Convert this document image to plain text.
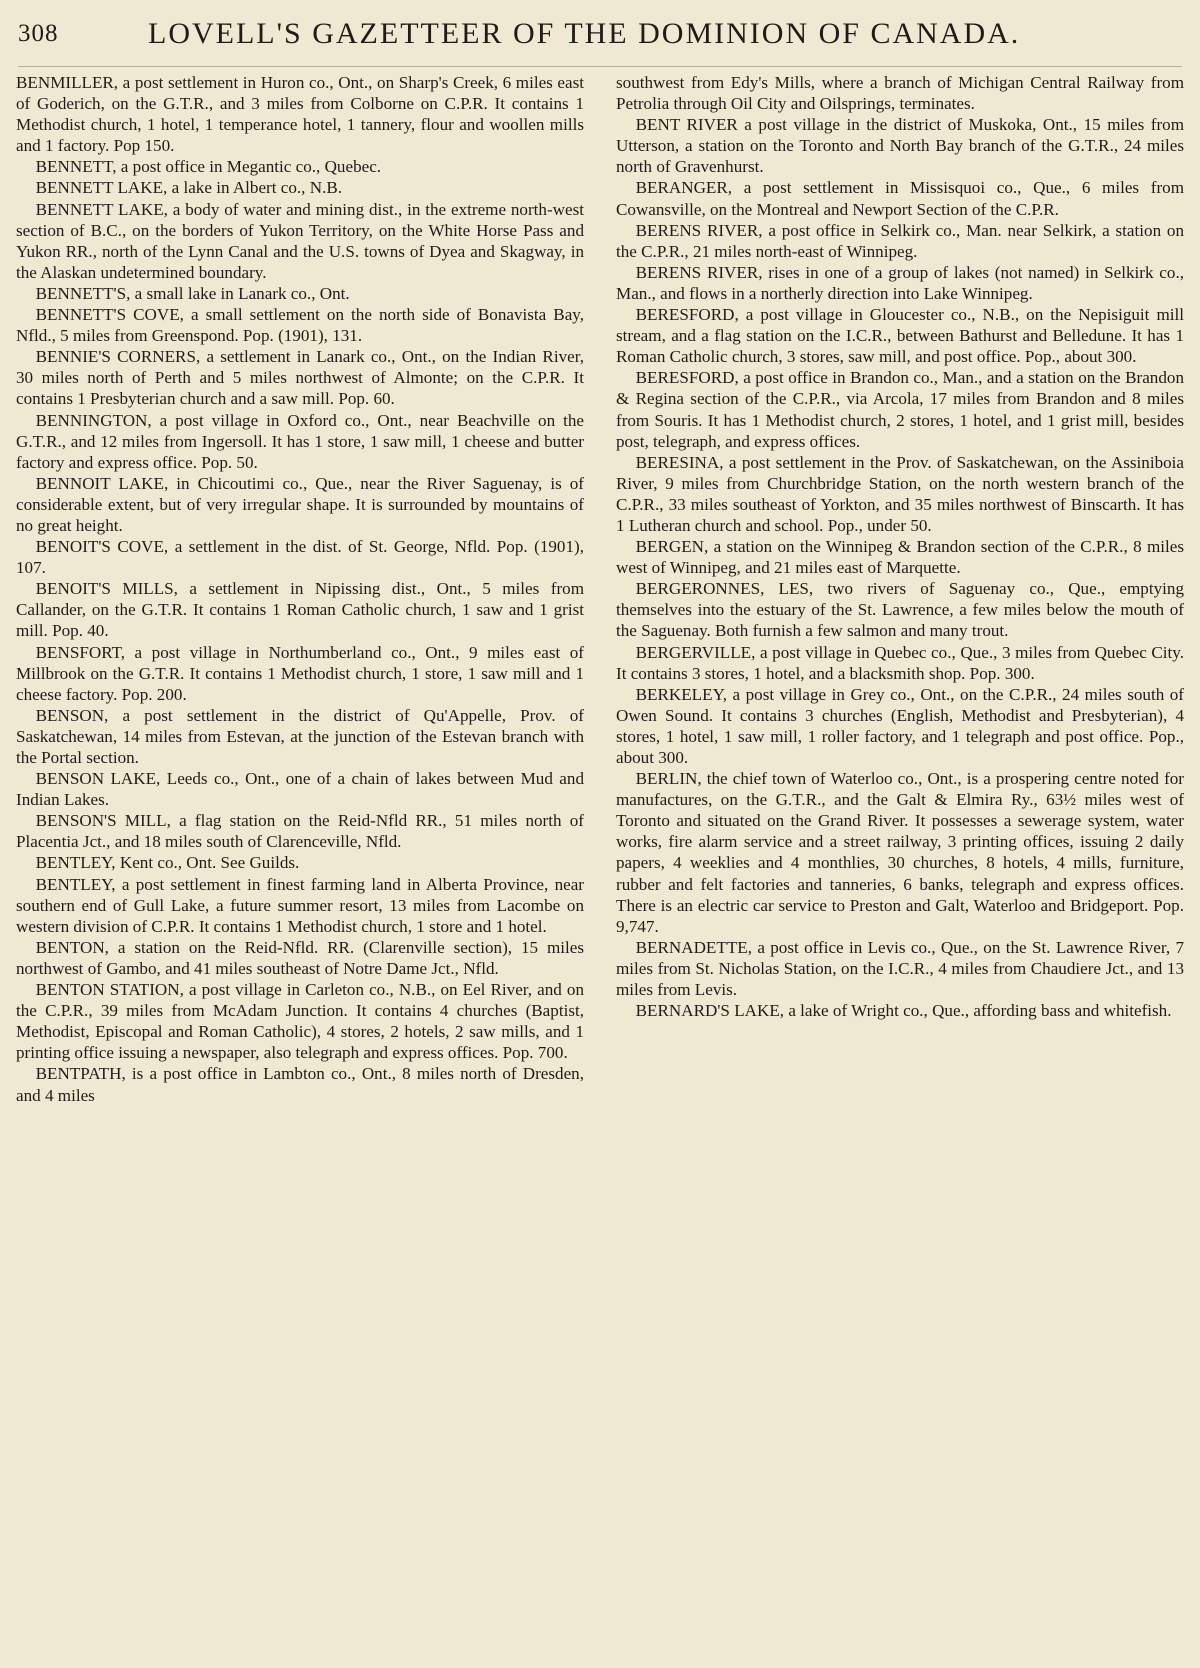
308	LOVELL'S GAZETTEER OF THE DOMINION OF CANADA.

BENMILLER, a post settlement in Huron co., Ont., on Sharp's Creek, 6 miles east of Goderich, on the G.T.R., and 3 miles from Colborne on C.P.R. It contains 1 Methodist church, 1 hotel, 1 temperance hotel, 1 tannery, flour and woollen mills and 1 factory. Pop 150.

BENNETT, a post office in Megantic co., Quebec.

BENNETT LAKE, a lake in Albert co., N.B.

BENNETT LAKE, a body of water and mining dist., in the extreme north-west section of B.C., on the borders of Yukon Territory, on the White Horse Pass and Yukon RR., north of the Lynn Canal and the U.S. towns of Dyea and Skagway, in the Alaskan undetermined boundary.

BENNETT'S, a small lake in Lanark co., Ont.

BENNETT'S COVE, a small settlement on the north side of Bonavista Bay, Nfld., 5 miles from Greenspond. Pop. (1901), 131.

BENNIE'S CORNERS, a settlement in Lanark co., Ont., on the Indian River, 30 miles north of Perth and 5 miles northwest of Almonte; on the C.P.R. It contains 1 Presbyterian church and a saw mill. Pop. 60.

BENNINGTON, a post village in Oxford co., Ont., near Beachville on the G.T.R., and 12 miles from Ingersoll. It has 1 store, 1 saw mill, 1 cheese and butter factory and express office. Pop. 50.

BENNOIT LAKE, in Chicoutimi co., Que., near the River Saguenay, is of considerable extent, but of very irregular shape. It is surrounded by mountains of no great height.

BENOIT'S COVE, a settlement in the dist. of St. George, Nfld. Pop. (1901), 107.

BENOIT'S MILLS, a settlement in Nipissing dist., Ont., 5 miles from Callander, on the G.T.R. It contains 1 Roman Catholic church, 1 saw and 1 grist mill. Pop. 40.

BENSFORT, a post village in Northumberland co., Ont., 9 miles east of Millbrook on the G.T.R. It contains 1 Methodist church, 1 store, 1 saw mill and 1 cheese factory. Pop. 200.

BENSON, a post settlement in the district of Qu'Appelle, Prov. of Saskatchewan, 14 miles from Estevan, at the junction of the Estevan branch with the Portal section.

BENSON LAKE, Leeds co., Ont., one of a chain of lakes between Mud and Indian Lakes.

BENSON'S MILL, a flag station on the Reid-Nfld RR., 51 miles north of Placentia Jct., and 18 miles south of Clarenceville, Nfld.

BENTLEY, Kent co., Ont. See Guilds.

BENTLEY, a post settlement in finest farming land in Alberta Province, near southern end of Gull Lake, a future summer resort, 13 miles from Lacombe on western division of C.P.R. It contains 1 Methodist church, 1 store and 1 hotel.

BENTON, a station on the Reid-Nfld. RR. (Clarenville section), 15 miles northwest of Gambo, and 41 miles southeast of Notre Dame Jct., Nfld.

BENTON STATION, a post village in Carleton co., N.B., on Eel River, and on the C.P.R., 39 miles from McAdam Junction. It contains 4 churches (Baptist, Methodist, Episcopal and Roman Catholic), 4 stores, 2 hotels, 2 saw mills, and 1 printing office issuing a newspaper, also telegraph and express offices. Pop. 700.

BENTPATH, is a post office in Lambton co., Ont., 8 miles north of Dresden, and 4 miles

southwest from Edy's Mills, where a branch of Michigan Central Railway from Petrolia through Oil City and Oilsprings, terminates.

BENT RIVER a post village in the district of Muskoka, Ont., 15 miles from Utterson, a station on the Toronto and North Bay branch of the G.T.R., 24 miles north of Gravenhurst.

BERANGER, a post settlement in Missisquoi co., Que., 6 miles from Cowansville, on the Montreal and Newport Section of the C.P.R.

BERENS RIVER, a post office in Selkirk co., Man. near Selkirk, a station on the C.P.R., 21 miles north-east of Winnipeg.

BERENS RIVER, rises in one of a group of lakes (not named) in Selkirk co., Man., and flows in a northerly direction into Lake Winnipeg.

BERESFORD, a post village in Gloucester co., N.B., on the Nepisiguit mill stream, and a flag station on the I.C.R., between Bathurst and Belledune. It has 1 Roman Catholic church, 3 stores, saw mill, and post office. Pop., about 300.

BERESFORD, a post office in Brandon co., Man., and a station on the Brandon & Regina section of the C.P.R., via Arcola, 17 miles from Brandon and 8 miles from Souris. It has 1 Methodist church, 2 stores, 1 hotel, and 1 grist mill, besides post, telegraph, and express offices.

BERESINA, a post settlement in the Prov. of Saskatchewan, on the Assiniboia River, 9 miles from Churchbridge Station, on the north western branch of the C.P.R., 33 miles southeast of Yorkton, and 35 miles northwest of Binscarth. It has 1 Lutheran church and school. Pop., under 50.

BERGEN, a station on the Winnipeg & Brandon section of the C.P.R., 8 miles west of Winnipeg, and 21 miles east of Marquette.

BERGERONNES, LES, two rivers of Saguenay co., Que., emptying themselves into the estuary of the St. Lawrence, a few miles below the mouth of the Saguenay. Both furnish a few salmon and many trout.

BERGERVILLE, a post village in Quebec co., Que., 3 miles from Quebec City. It contains 3 stores, 1 hotel, and a blacksmith shop. Pop. 300.

BERKELEY, a post village in Grey co., Ont., on the C.P.R., 24 miles south of Owen Sound. It contains 3 churches (English, Methodist and Presbyterian), 4 stores, 1 hotel, 1 saw mill, 1 roller factory, and 1 telegraph and post office. Pop., about 300.

BERLIN, the chief town of Waterloo co., Ont., is a prospering centre noted for manufactures, on the G.T.R., and the Galt & Elmira Ry., 63½ miles west of Toronto and situated on the Grand River. It possesses a sewerage system, water works, fire alarm service and a street railway, 3 printing offices, issuing 2 daily papers, 4 weeklies and 4 monthlies, 30 churches, 8 hotels, 4 mills, furniture, rubber and felt factories and tanneries, 6 banks, telegraph and express offices. There is an electric car service to Preston and Galt, Waterloo and Bridgeport. Pop. 9,747.

BERNADETTE, a post office in Levis co., Que., on the St. Lawrence River, 7 miles from St. Nicholas Station, on the I.C.R., 4 miles from Chaudiere Jct., and 13 miles from Levis.

BERNARD'S LAKE, a lake of Wright co., Que., affording bass and whitefish.
